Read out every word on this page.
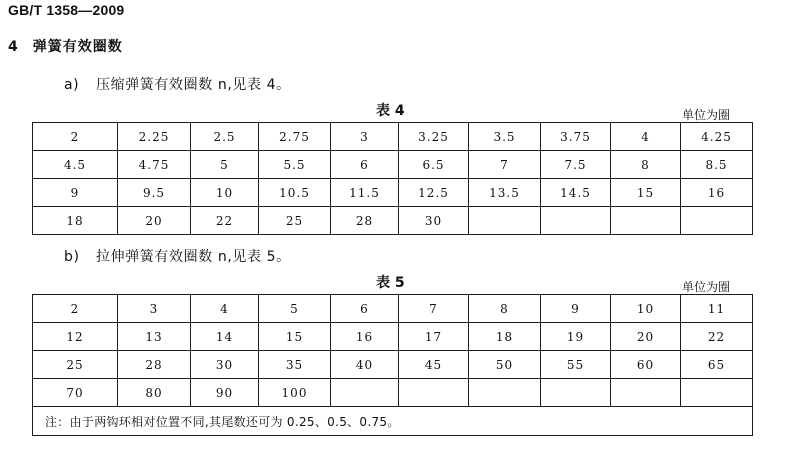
GB/T 1358—2009
4 弹簧有效圈数
a) 压缩弹簧有效圈数 n,见表 4。
表 4	单位为圈
2	2.25	2.5	2.75	3	3.25	3.5	3.75	4	4.25
4.5	4.75	5	5.5	6	6.5	7	7.5	8	8.5
9	9.5	10	10.5	11.5	12.5	13.5	14.5	15	16
18	20	22	25	28	30				
b) 拉伸弹簧有效圈数 n,见表 5。
表 5	单位为圈
2	3	4	5	6	7	8	9	10	11
12	13	14	15	16	17	18	19	20	22
25	28	30	35	40	45	50	55	60	65
70	80	90	100						
注：由于两钩环相对位置不同,其尾数还可为 0.25、0.5、0.75。									
